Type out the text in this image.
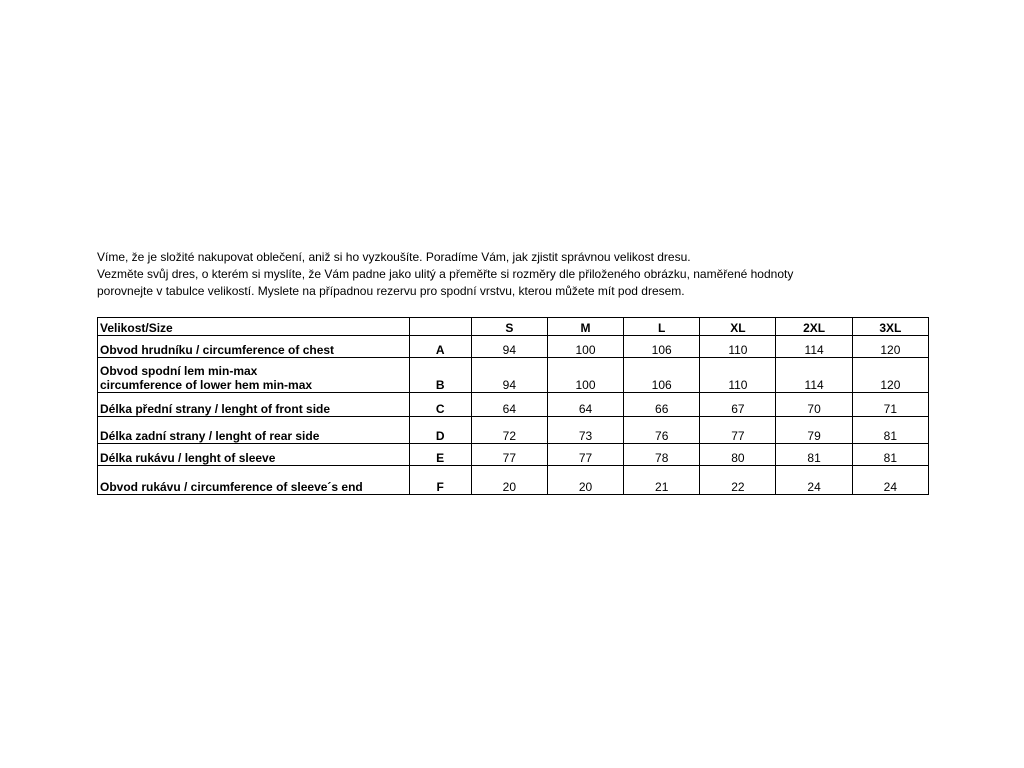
Víme, že je složité nakupovat oblečení, aniž si ho vyzkoušíte. Poradíme Vám, jak zjistit správnou velikost dresu.

Vezměte svůj dres, o kterém si myslíte, že Vám padne jako ulitý a přeměřte si rozměry dle přiloženého obrázku, naměřené hodnoty

porovnejte v tabulce velikostí. Myslete na případnou rezervu pro spodní vrstvu, kterou můžete mít pod dresem.

Velikost/Size		S	M	L	XL	2XL	3XL
Obvod hrudníku / circumference of chest	A	94	100	106	110	114	120
Obvod spodní lem min-max
circumference of lower hem min-max	B	94	100	106	110	114	120
Délka přední strany / lenght of front side	C	64	64	66	67	70	71
Délka zadní strany / lenght of rear side	D	72	73	76	77	79	81
Délka rukávu / lenght of sleeve	E	77	77	78	80	81	81
Obvod rukávu / circumference of sleeve´s end	F	20	20	21	22	24	24
